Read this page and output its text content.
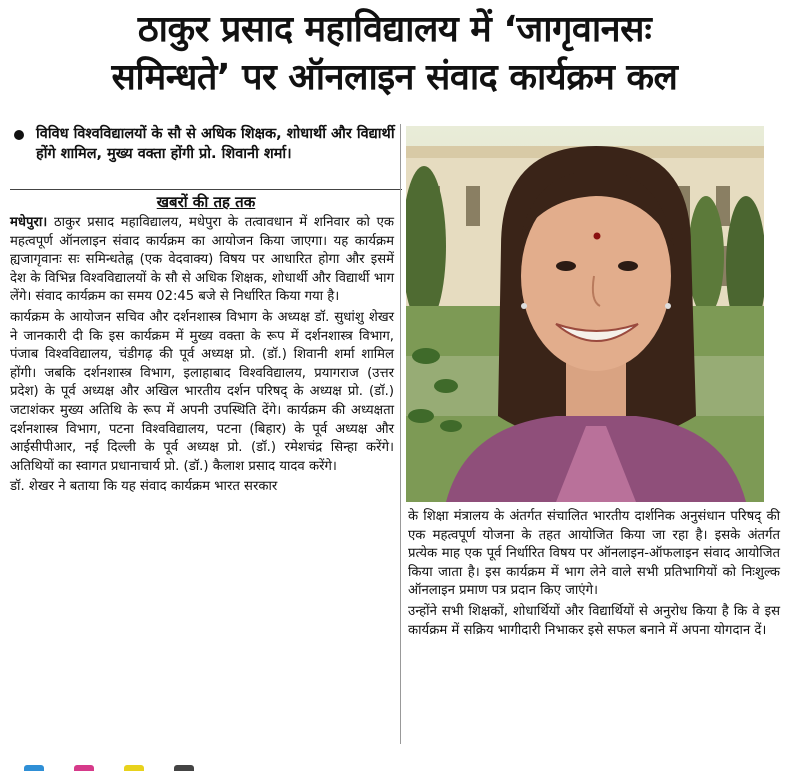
ठाकुर प्रसाद महाविद्यालय में ‘जागृवानसः
समिन्धते’ पर ऑनलाइन संवाद कार्यक्रम कल
विविध विश्वविद्यालयों के सौ से अधिक शिक्षक, शोधार्थी और विद्यार्थी होंगे शामिल, मुख्य वक्ता होंगी प्रो. शिवानी शर्मा।
खबरों की तह तक

मधेपुरा। ठाकुर प्रसाद महाविद्यालय, मधेपुरा के तत्वावधान में शनिवार को एक महत्वपूर्ण ऑनलाइन संवाद कार्यक्रम का आयोजन किया जाएगा। यह कार्यक्रम ह्यजागृवानः सः समिन्धतेह्न (एक वेदवाक्य) विषय पर आधारित होगा और इसमें देश के विभिन्न विश्वविद्यालयों के सौ से अधिक शिक्षक, शोधार्थी और विद्यार्थी भाग लेंगे। संवाद कार्यक्रम का समय 02:45 बजे से निर्धारित किया गया है।

कार्यक्रम के आयोजन सचिव और दर्शनशास्त्र विभाग के अध्यक्ष डॉ. सुधांशु शेखर ने जानकारी दी कि इस कार्यक्रम में मुख्य वक्ता के रूप में दर्शनशास्त्र विभाग, पंजाब विश्वविद्यालय, चंडीगढ़ की पूर्व अध्यक्ष प्रो. (डॉ.) शिवानी शर्मा शामिल होंगी। जबकि दर्शनशास्त्र विभाग, इलाहाबाद विश्वविद्यालय, प्रयागराज (उत्तर प्रदेश) के पूर्व अध्यक्ष और अखिल भारतीय दर्शन परिषद् के अध्यक्ष प्रो. (डॉ.) जटाशंकर मुख्य अतिथि के रूप में अपनी उपस्थिति देंगे। कार्यक्रम की अध्यक्षता दर्शनशास्त्र विभाग, पटना विश्वविद्यालय, पटना (बिहार) के पूर्व अध्यक्ष और आईसीपीआर, नई दिल्ली के पूर्व अध्यक्ष प्रो. (डॉ.) रमेशचंद्र सिन्हा करेंगे। अतिथियों का स्वागत प्रधानाचार्य प्रो. (डॉ.) कैलाश प्रसाद यादव करेंगे।

डॉ. शेखर ने बताया कि यह संवाद कार्यक्रम भारत सरकार

के शिक्षा मंत्रालय के अंतर्गत संचालित भारतीय दार्शनिक अनुसंधान परिषद् की एक महत्वपूर्ण योजना के तहत आयोजित किया जा रहा है। इसके अंतर्गत प्रत्येक माह एक पूर्व निर्धारित विषय पर ऑनलाइन-ऑफलाइन संवाद आयोजित किया जाता है। इस कार्यक्रम में भाग लेने वाले सभी प्रतिभागियों को निःशुल्क ऑनलाइन प्रमाण पत्र प्रदान किए जाएंगे।

उन्होंने सभी शिक्षकों, शोधार्थियों और विद्यार्थियों से अनुरोध किया है कि वे इस कार्यक्रम में सक्रिय भागीदारी निभाकर इसे सफल बनाने में अपना योगदान दें।
